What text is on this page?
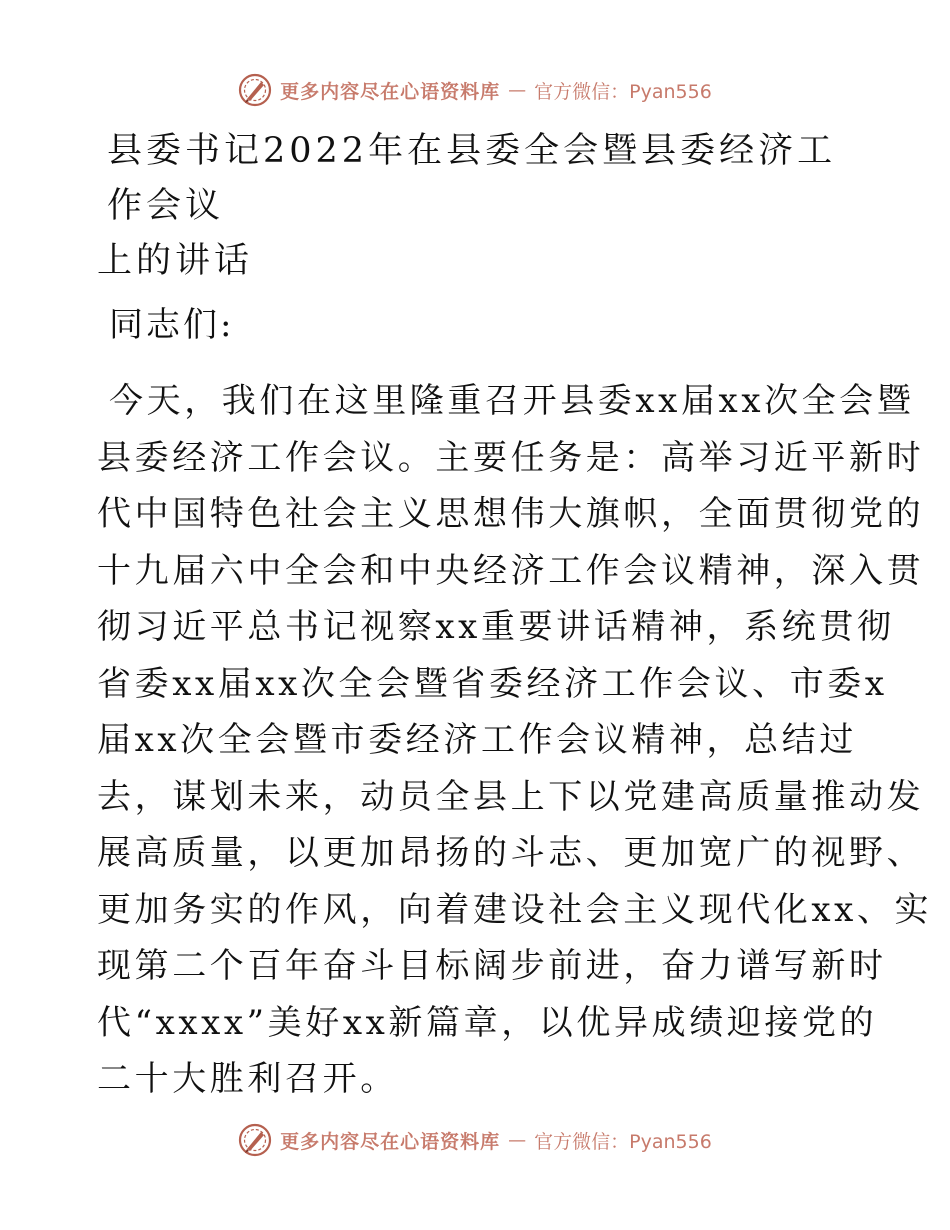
更多内容尽在心语资料库 — 官方微信：Pyan556
县委书记2022年在县委全会暨县委经济工作会议
上的讲话

同志们:

今天，我们在这里隆重召开县委xx届xx次全会暨
县委经济工作会议。主要任务是：高举习近平新时
代中国特色社会主义思想伟大旗帜，全面贯彻党的
十九届六中全会和中央经济工作会议精神，深入贯
彻习近平总书记视察xx重要讲话精神，系统贯彻
省委xx届xx次全会暨省委经济工作会议、市委x
届xx次全会暨市委经济工作会议精神，总结过
去，谋划未来，动员全县上下以党建高质量推动发
展高质量，以更加昂扬的斗志、更加宽广的视野、
更加务实的作风，向着建设社会主义现代化xx、实
现第二个百年奋斗目标阔步前进，奋力谱写新时
代“xxxx”美好xx新篇章，以优异成绩迎接党的
二十大胜利召开。

更多内容尽在心语资料库 — 官方微信：Pyan556
